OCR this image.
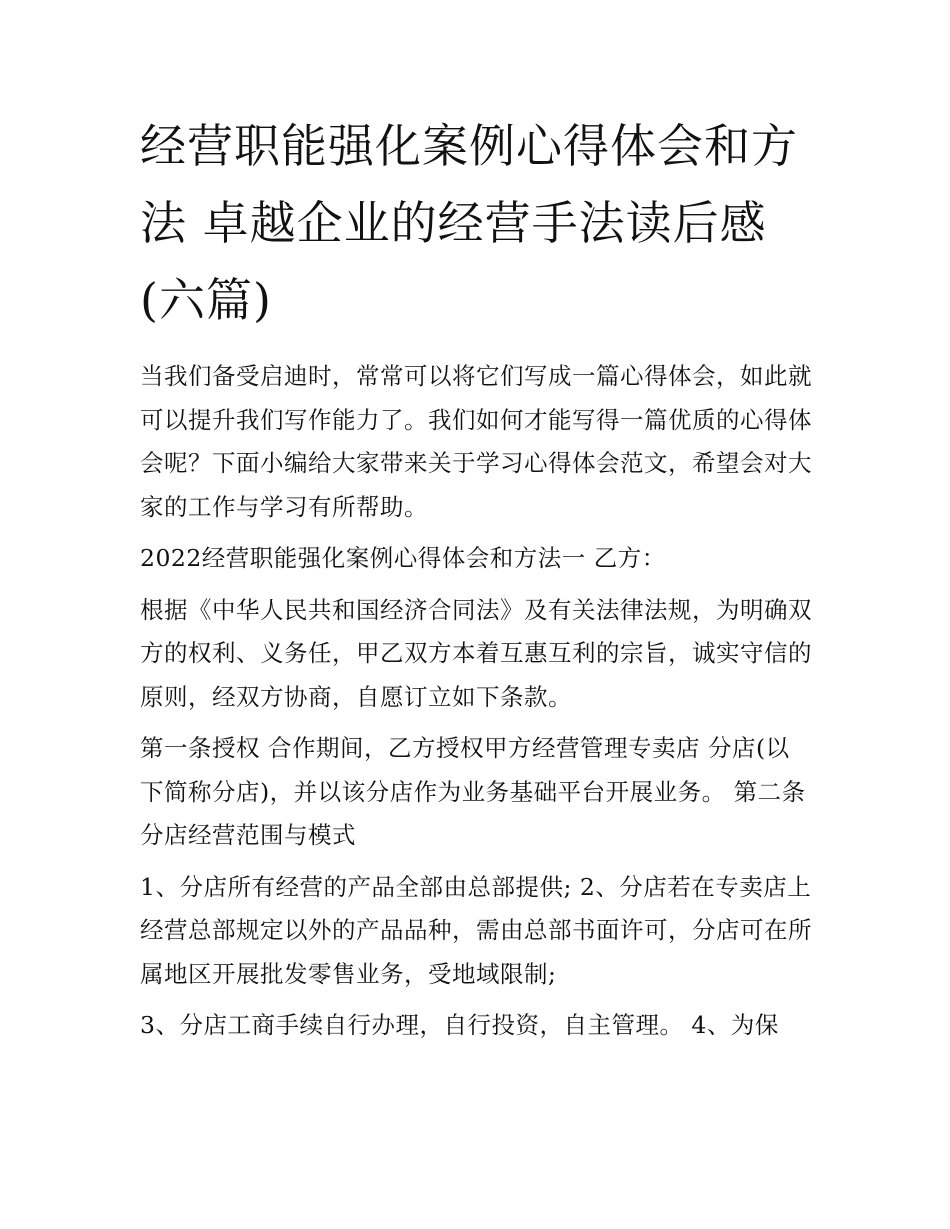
经营职能强化案例心得体会和方法 卓越企业的经营手法读后感(六篇)

当我们备受启迪时，常常可以将它们写成一篇心得体会，如此就可以提升我们写作能力了。我们如何才能写得一篇优质的心得体会呢？下面小编给大家带来关于学习心得体会范文，希望会对大家的工作与学习有所帮助。

2022经营职能强化案例心得体会和方法一 乙方：

根据《中华人民共和国经济合同法》及有关法律法规，为明确双方的权利、义务任，甲乙双方本着互惠互利的宗旨，诚实守信的原则，经双方协商，自愿订立如下条款。

第一条授权 合作期间，乙方授权甲方经营管理专卖店 分店(以下简称分店)，并以该分店作为业务基础平台开展业务。 第二条分店经营范围与模式

1、分店所有经营的产品全部由总部提供; 2、分店若在专卖店上经营总部规定以外的产品品种，需由总部书面许可，分店可在所属地区开展批发零售业务，受地域限制;

3、分店工商手续自行办理，自行投资，自主管理。 4、为保
